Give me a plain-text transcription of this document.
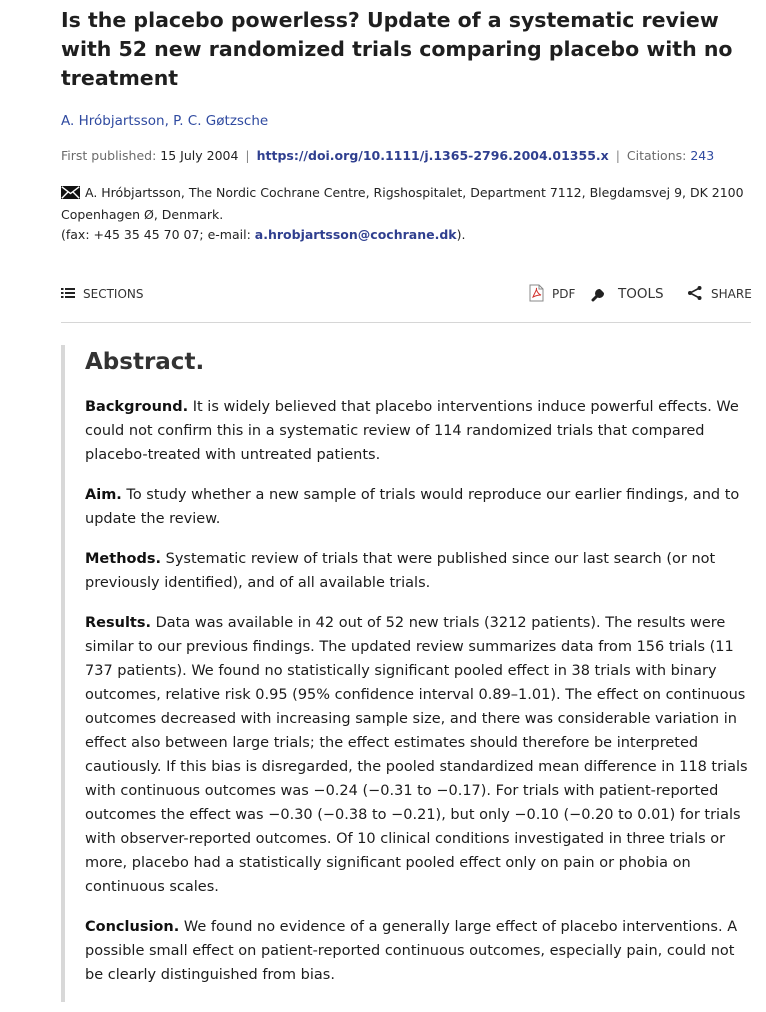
Is the placebo powerless? Update of a systematic review with 52 new randomized trials comparing placebo with no treatment
A. Hróbjartsson, P. C. Gøtzsche
First published: 15 July 2004 | https://doi.org/10.1111/j.1365-2796.2004.01355.x | Citations: 243
A. Hróbjartsson, The Nordic Cochrane Centre, Rigshospitalet, Department 7112, Blegdamsvej 9, DK 2100 Copenhagen Ø, Denmark.
(fax: +45 35 45 70 07; e-mail: a.hrobjartsson@cochrane.dk).
SECTIONS	PDF	TOOLS	SHARE
Abstract.

Background. It is widely believed that placebo interventions induce powerful effects. We could not confirm this in a systematic review of 114 randomized trials that compared placebo-treated with untreated patients.

Aim. To study whether a new sample of trials would reproduce our earlier findings, and to update the review.

Methods. Systematic review of trials that were published since our last search (or not previously identified), and of all available trials.

Results. Data was available in 42 out of 52 new trials (3212 patients). The results were similar to our previous findings. The updated review summarizes data from 156 trials (11 737 patients). We found no statistically significant pooled effect in 38 trials with binary outcomes, relative risk 0.95 (95% confidence interval 0.89–1.01). The effect on continuous outcomes decreased with increasing sample size, and there was considerable variation in effect also between large trials; the effect estimates should therefore be interpreted cautiously. If this bias is disregarded, the pooled standardized mean difference in 118 trials with continuous outcomes was −0.24 (−0.31 to −0.17). For trials with patient-reported outcomes the effect was −0.30 (−0.38 to −0.21), but only −0.10 (−0.20 to 0.01) for trials with observer-reported outcomes. Of 10 clinical conditions investigated in three trials or more, placebo had a statistically significant pooled effect only on pain or phobia on continuous scales.

Conclusion. We found no evidence of a generally large effect of placebo interventions. A possible small effect on patient-reported continuous outcomes, especially pain, could not be clearly distinguished from bias.
